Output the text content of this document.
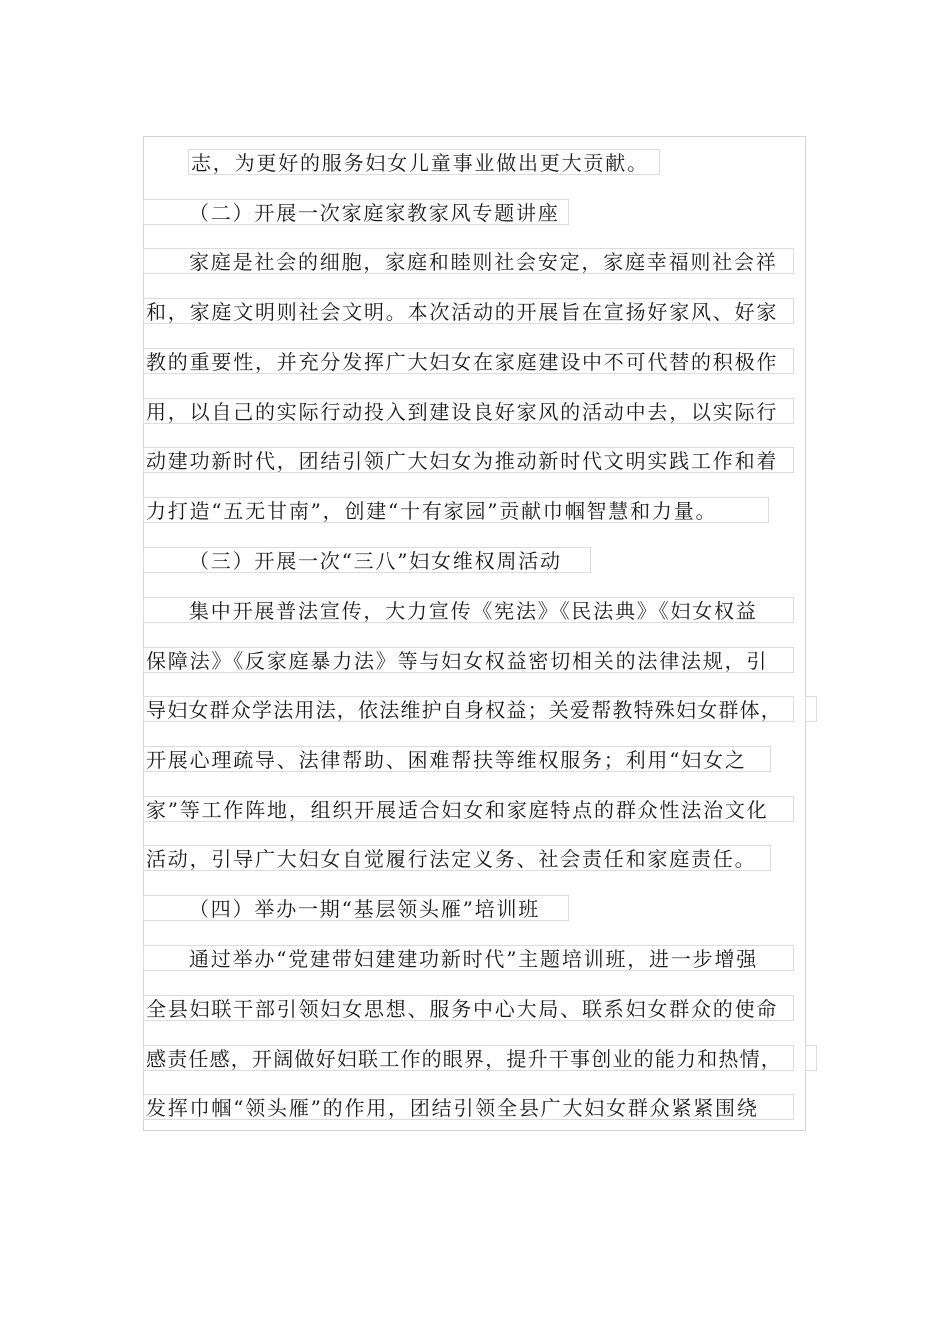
志，为更好的服务妇女儿童事业做出更大贡献。
（二）开展一次家庭家教家风专题讲座
家庭是社会的细胞，家庭和睦则社会安定，家庭幸福则社会祥
和，家庭文明则社会文明。本次活动的开展旨在宣扬好家风、好家
教的重要性，并充分发挥广大妇女在家庭建设中不可代替的积极作
用，以自己的实际行动投入到建设良好家风的活动中去，以实际行
动建功新时代，团结引领广大妇女为推动新时代文明实践工作和着
力打造“五无甘南”，创建“十有家园”贡献巾帼智慧和力量。
（三）开展一次“三八”妇女维权周活动
集中开展普法宣传，大力宣传《宪法》《民法典》《妇女权益
保障法》《反家庭暴力法》等与妇女权益密切相关的法律法规，引
导妇女群众学法用法，依法维护自身权益；关爱帮教特殊妇女群体，
开展心理疏导、法律帮助、困难帮扶等维权服务；利用“妇女之
家”等工作阵地，组织开展适合妇女和家庭特点的群众性法治文化
活动，引导广大妇女自觉履行法定义务、社会责任和家庭责任。
（四）举办一期“基层领头雁”培训班
通过举办“党建带妇建建功新时代”主题培训班，进一步增强
全县妇联干部引领妇女思想、服务中心大局、联系妇女群众的使命
感责任感，开阔做好妇联工作的眼界，提升干事创业的能力和热情，
发挥巾帼“领头雁”的作用，团结引领全县广大妇女群众紧紧围绕
